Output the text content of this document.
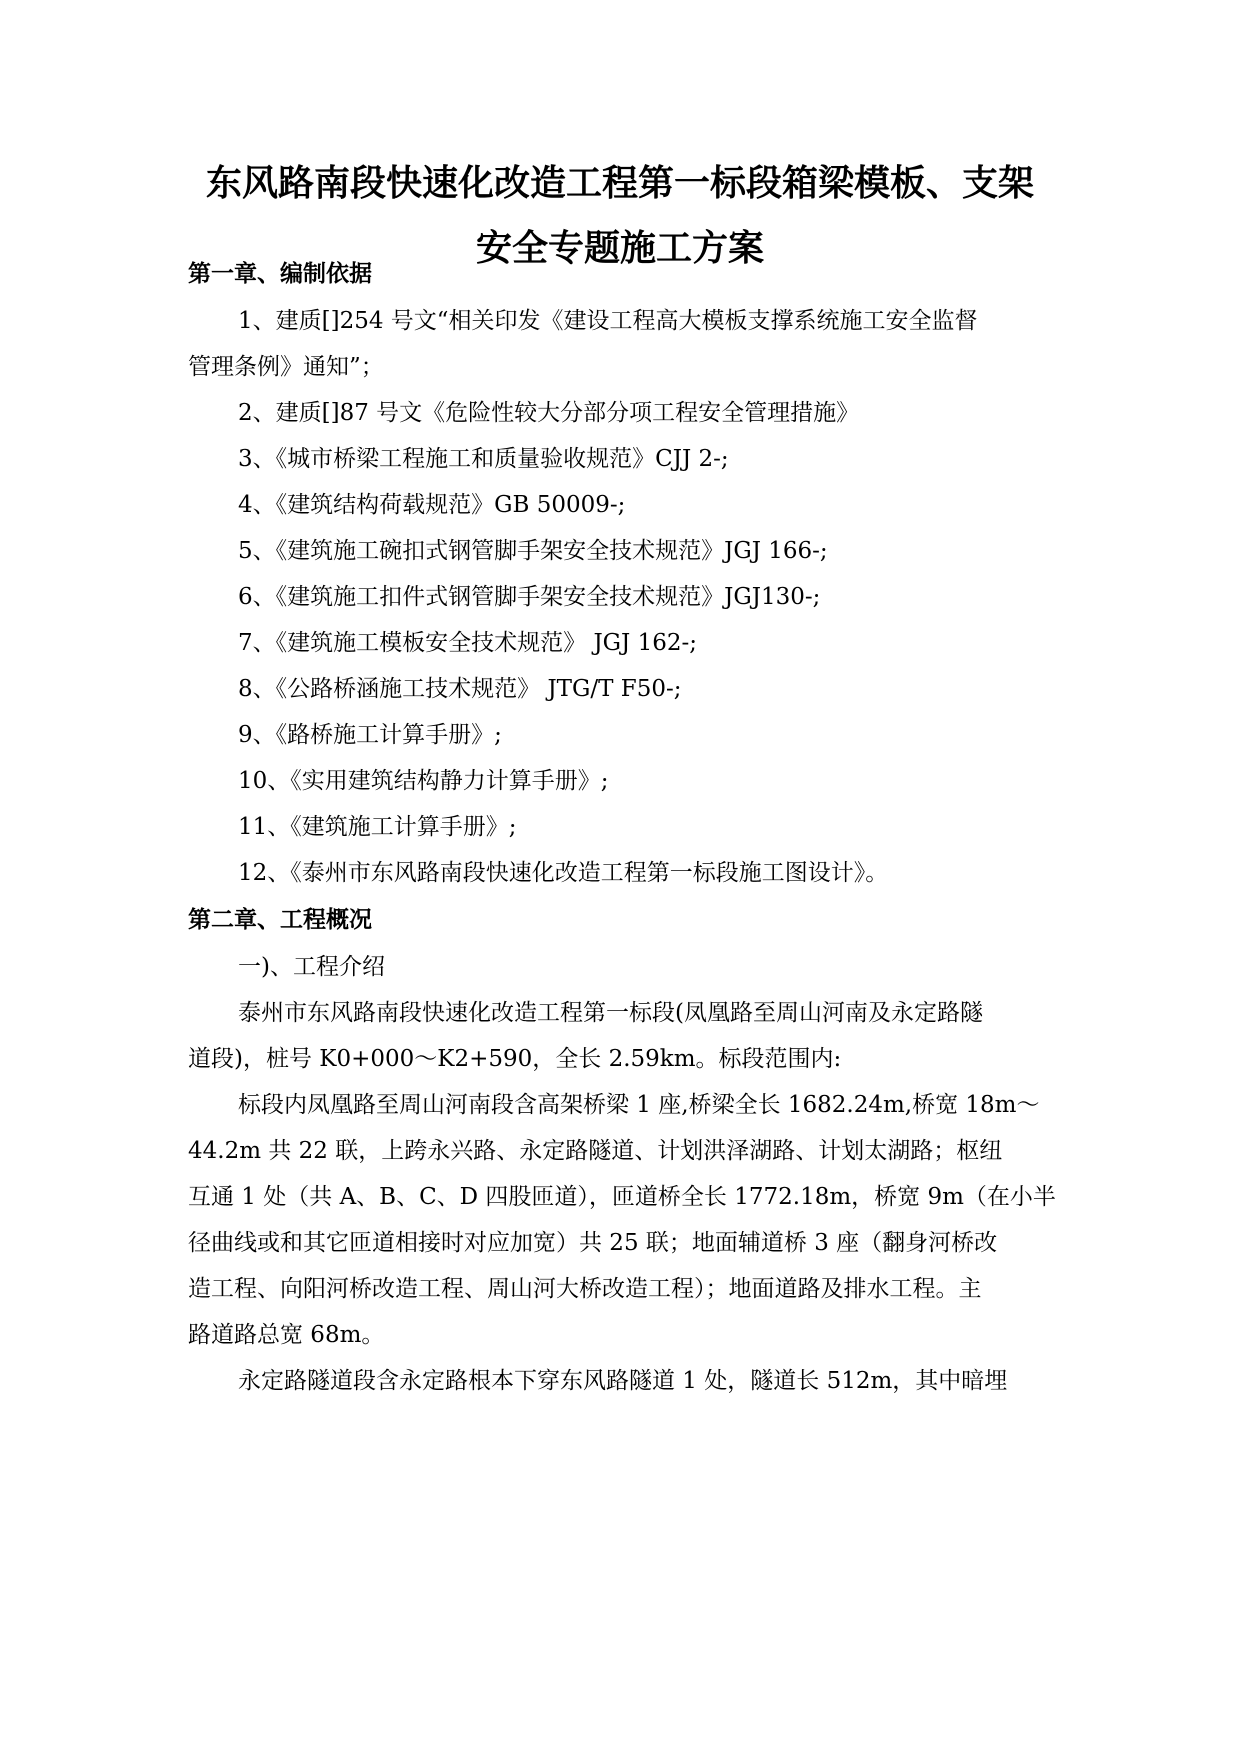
东风路南段快速化改造工程第一标段箱梁模板、支架
安全专题施工方案
第一章、编制依据
1、建质[]254 号文“相关印发《建设工程高大模板支撑系统施工安全监督
管理条例》通知”；
2、建质[]87 号文《危险性较大分部分项工程安全管理措施》
3、《城市桥梁工程施工和质量验收规范》CJJ 2-;
4、《建筑结构荷载规范》GB 50009-;
5、《建筑施工碗扣式钢管脚手架安全技术规范》JGJ 166-;
6、《建筑施工扣件式钢管脚手架安全技术规范》JGJ130-;
7、《建筑施工模板安全技术规范》 JGJ 162-;
8、《公路桥涵施工技术规范》 JTG/T F50-;
9、《路桥施工计算手册》;
10、《实用建筑结构静力计算手册》;
11、《建筑施工计算手册》;
12、《泰州市东风路南段快速化改造工程第一标段施工图设计》。
第二章、工程概况
一)、工程介绍
泰州市东风路南段快速化改造工程第一标段(凤凰路至周山河南及永定路隧
道段)，桩号 K0+000～K2+590，全长 2.59km。标段范围内:
标段内凤凰路至周山河南段含高架桥梁 1 座,桥梁全长 1682.24m,桥宽 18m～
44.2m 共 22 联，上跨永兴路、永定路隧道、计划洪泽湖路、计划太湖路；枢纽
互通 1 处（共 A、B、C、D 四股匝道），匝道桥全长 1772.18m，桥宽 9m（在小半
径曲线或和其它匝道相接时对应加宽）共 25 联；地面辅道桥 3 座（翻身河桥改
造工程、向阳河桥改造工程、周山河大桥改造工程）；地面道路及排水工程。主
路道路总宽 68m。
永定路隧道段含永定路根本下穿东风路隧道 1 处，隧道长 512m，其中暗埋
